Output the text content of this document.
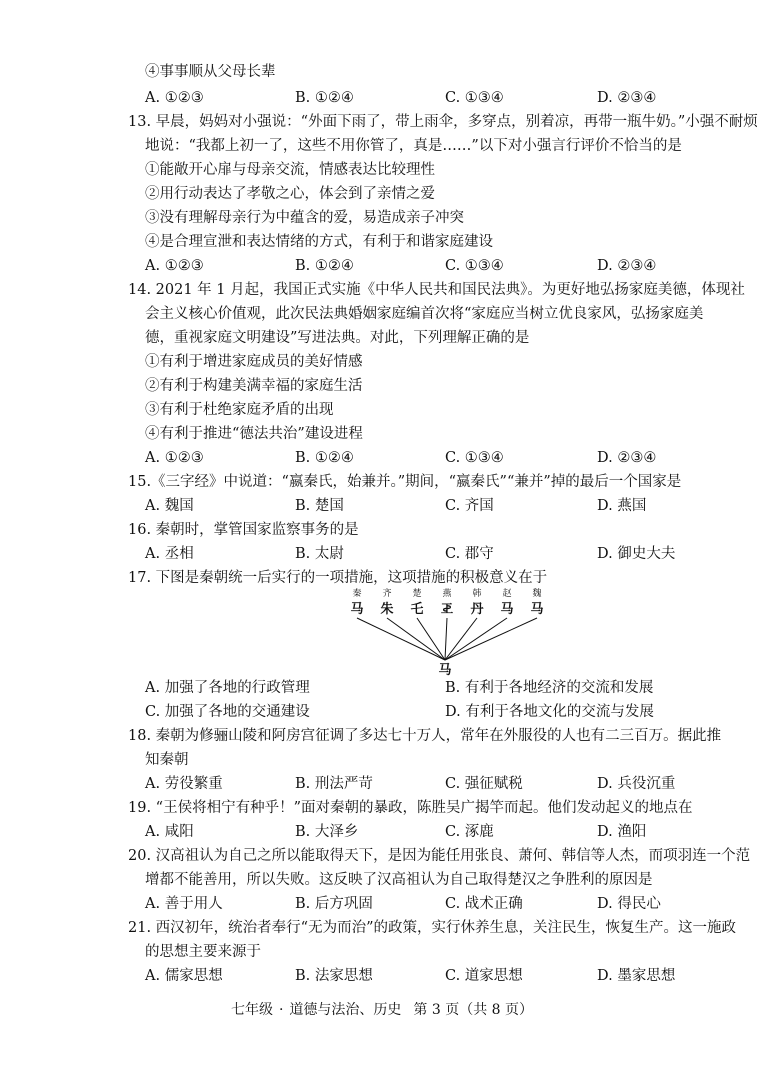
④事事顺从父母长辈
A. ①②③	B. ①②④	C. ①③④	D. ②③④
13. 早晨，妈妈对小强说：“外面下雨了，带上雨伞，多穿点，别着凉，再带一瓶牛奶。”小强不耐烦
地说：“我都上初一了，这些不用你管了，真是……”以下对小强言行评价不恰当的是
①能敞开心扉与母亲交流，情感表达比较理性
②用行动表达了孝敬之心，体会到了亲情之爱
③没有理解母亲行为中蕴含的爱，易造成亲子冲突
④是合理宣泄和表达情绪的方式，有利于和谐家庭建设
A. ①②③	B. ①②④	C. ①③④	D. ②③④
14. 2021 年 1 月起，我国正式实施《中华人民共和国民法典》。为更好地弘扬家庭美德，体现社
会主义核心价值观，此次民法典婚姻家庭编首次将“家庭应当树立优良家风，弘扬家庭美
德，重视家庭文明建设”写进法典。对此，下列理解正确的是
①有利于增进家庭成员的美好情感
②有利于构建美满幸福的家庭生活
③有利于杜绝家庭矛盾的出现
④有利于推进“德法共治”建设进程
A. ①②③	B. ①②④	C. ①③④	D. ②③④
15.《三字经》中说道：“嬴秦氏，始兼并。”期间，“嬴秦氏”“兼并”掉的最后一个国家是
A. 魏国	B. 楚国	C. 齐国	D. 燕国
16. 秦朝时，掌管国家监察事务的是
A. 丞相	B. 太尉	C. 郡守	D. 御史大夫
17. 下图是秦朝统一后实行的一项措施，这项措施的积极意义在于
秦 齐 楚 燕 韩 赵 魏
马 朱 乇 𢀓 丹 马 马
马
A. 加强了各地的行政管理	B. 有利于各地经济的交流和发展
C. 加强了各地的交通建设	D. 有利于各地文化的交流与发展
18. 秦朝为修骊山陵和阿房宫征调了多达七十万人，常年在外服役的人也有二三百万。据此推
知秦朝
A. 劳役繁重	B. 刑法严苛	C. 强征赋税	D. 兵役沉重
19. “王侯将相宁有种乎！”面对秦朝的暴政，陈胜吴广揭竿而起。他们发动起义的地点在
A. 咸阳	B. 大泽乡	C. 涿鹿	D. 渔阳
20. 汉高祖认为自己之所以能取得天下，是因为能任用张良、萧何、韩信等人杰，而项羽连一个范
增都不能善用，所以失败。这反映了汉高祖认为自己取得楚汉之争胜利的原因是
A. 善于用人	B. 后方巩固	C. 战术正确	D. 得民心
21. 西汉初年，统治者奉行“无为而治”的政策，实行休养生息，关注民生，恢复生产。这一施政
的思想主要来源于
A. 儒家思想	B. 法家思想	C. 道家思想	D. 墨家思想
七年级 · 道德与法治、历史 第 3 页（共 8 页）
